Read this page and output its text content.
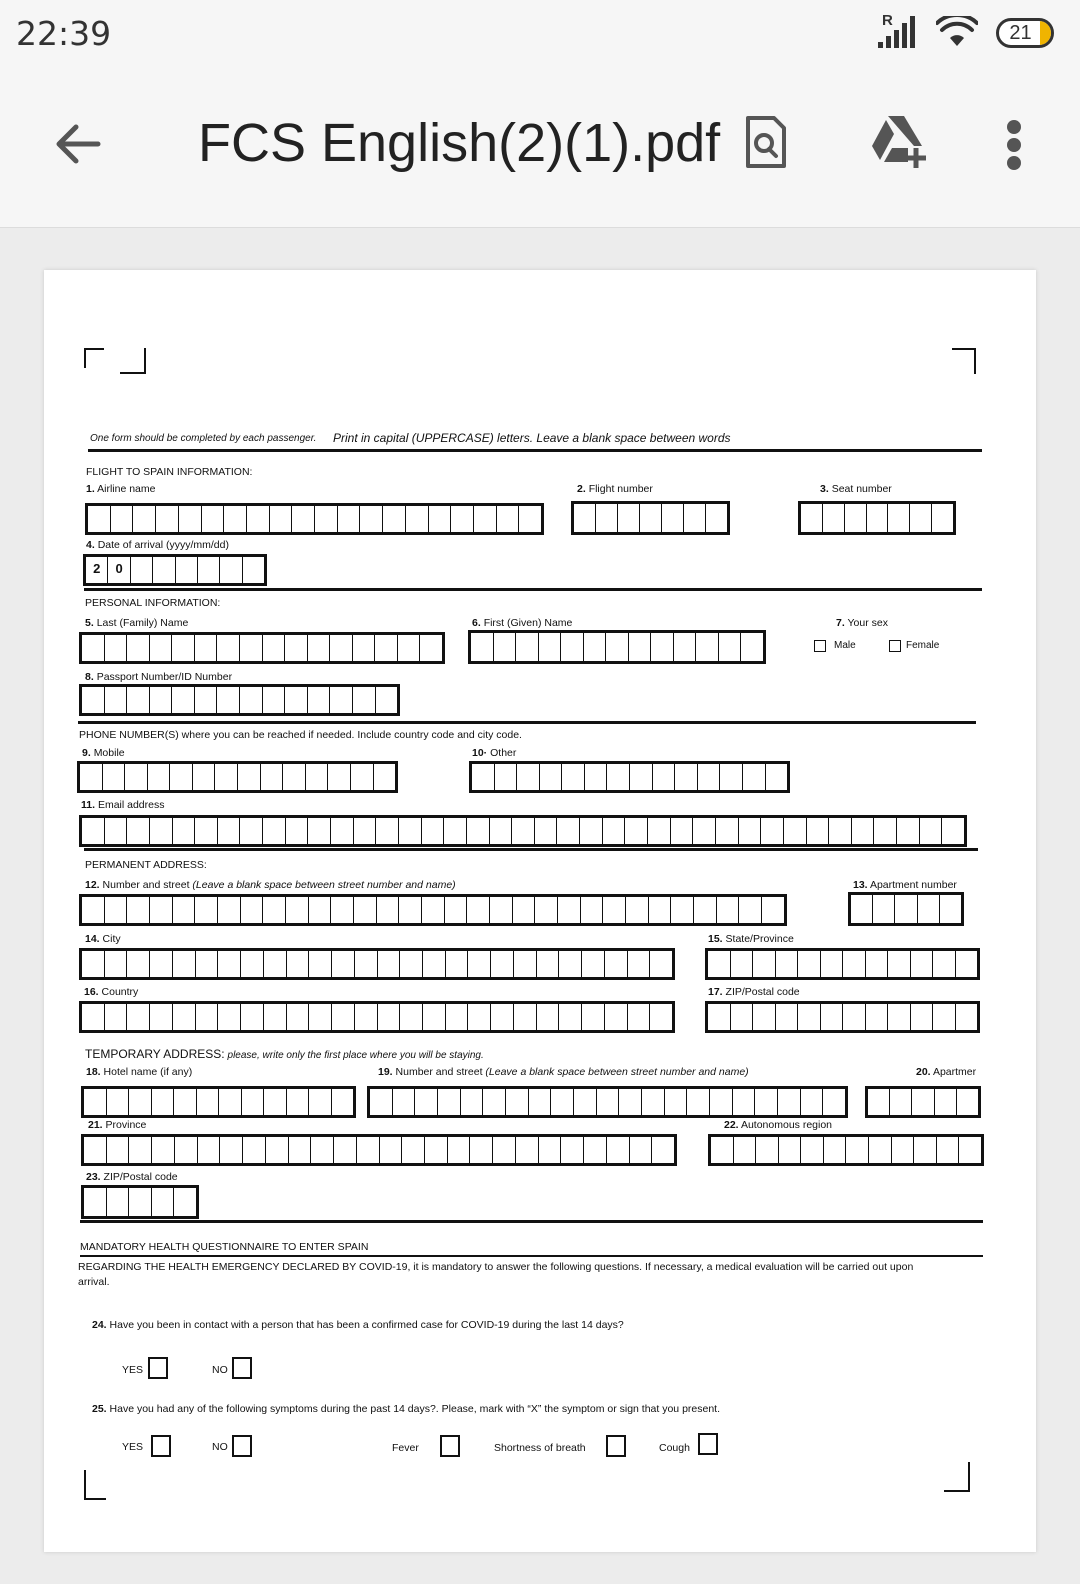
22:39	R
21
FCS English(2)(1).pdf
One form should be completed by each passenger. Print in capital (UPPERCASE) letters. Leave a blank space between words
FLIGHT TO SPAIN INFORMATION:
1. Airline name	2. Flight number	3. Seat number
4. Date of arrival (yyyy/mm/dd)
2	0
PERSONAL INFORMATION:
5. Last (Family) Name	6. First (Given) Name	7. Your sex
Male	Female
8. Passport Number/ID Number
PHONE NUMBER(S) where you can be reached if needed. Include country code and city code.
9. Mobile	10· Other
11. Email address
PERMANENT ADDRESS:
12. Number and street (Leave a blank space between street number and name)	13. Apartment number
14. City	15. State/Province
16. Country	17. ZIP/Postal code
TEMPORARY ADDRESS: please, write only the first place where you will be staying.
18. Hotel name (if any)	19. Number and street (Leave a blank space between street number and name)	20. Apartmer
21. Province	22. Autonomous region
23. ZIP/Postal code
MANDATORY HEALTH QUESTIONNAIRE TO ENTER SPAIN
REGARDING THE HEALTH EMERGENCY DECLARED BY COVID-19, it is mandatory to answer the following questions. If necessary, a medical evaluation will be carried out upon
arrival.
24. Have you been in contact with a person that has been a confirmed case for COVID-19 during the last 14 days?
YES	NO
25. Have you had any of the following symptoms during the past 14 days?. Please, mark with “X” the symptom or sign that you present.
YES	NO	Fever	Shortness of breath	Cough
